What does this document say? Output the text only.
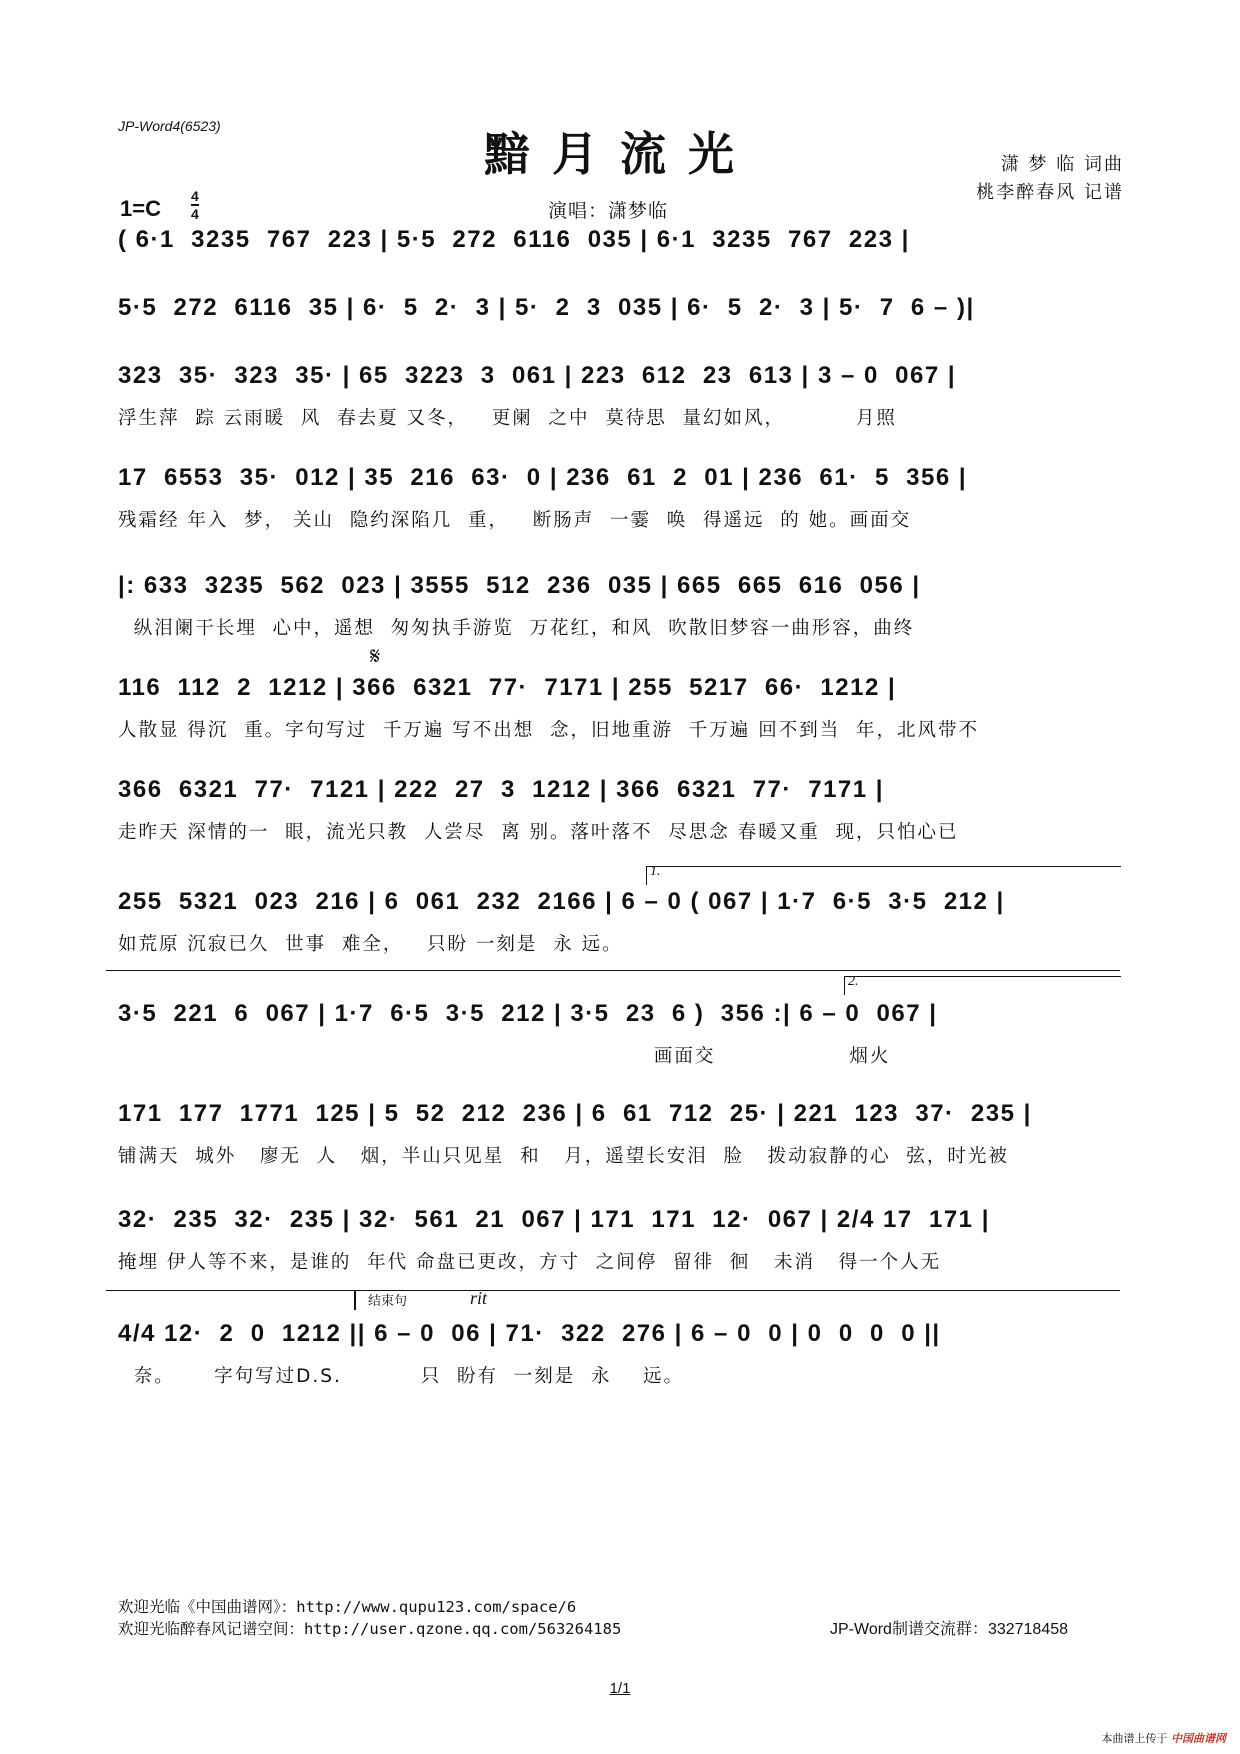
JP-Word4(6523)
黯月流光	潇 梦 临 词曲
桃李醉春风 记谱
演唱：潇梦临
1=C 4
4
( 6·1  3235  767  223 | 5·5  272  6116  035 | 6·1  3235  767  223 |
5·5  272  6116  35 | 6·  5  2·  3 | 5·  2  3  035 | 6·  5  2·  3 | 5·  7  6 – )|
323  35·  323  35· | 65  3223  3  061 | 223  612  23  613 | 3 – 0  067 |
浮生萍  踪 云雨暖  风  春去夏 又冬，   更阑  之中  莫待思  量幻如风，         月照
17  6553  35·  012 | 35  216  63·  0 | 236  61  2  01 | 236  61·  5  356 |
残霜经 年入  梦， 关山  隐约深陷几  重，   断肠声  一霎  唤  得遥远  的 她。画面交
|: 633  3235  562  023 | 3555  512  236  035 | 665  665  616  056 |
纵泪阑干长埋  心中，遥想  匆匆执手游览  万花红，和风  吹散旧梦容一曲形容，曲终
𝄋
116  112  2  1212 | 366  6321  77·  7171 | 255  5217  66·  1212 |
人散显 得沉  重。字句写过  千万遍 写不出想  念，旧地重游  千万遍 回不到当  年，北风带不
366  6321  77·  7121 | 222  27  3  1212 | 366  6321  77·  7171 |
走昨天 深情的一  眼，流光只教  人尝尽  离 别。落叶落不  尽思念 春暖又重  现，只怕心已
1.
255  5321  023  216 | 6  061  232  2166 | 6 – 0 ( 067 | 1·7  6·5  3·5  212 |
如荒原 沉寂已久  世事  难全，   只盼 一刻是  永 远。
2.
3·5  221  6  067 | 1·7  6·5  3·5  212 | 3·5  23  6 )  356 :| 6 – 0  067 |
画面交                 烟火
171  177  1771  125 | 5  52  212  236 | 6  61  712  25· | 221  123  37·  235 |
铺满天  城外   廖无  人   烟，半山只见星  和   月，遥望长安泪  脸   拨动寂静的心  弦，时光被
32·  235  32·  235 | 32·  561  21  067 | 171  171  12·  067 | 2/4 17  171 |
掩埋 伊人等不来，是谁的  年代 命盘已更改，方寸  之间停  留徘  徊   未消   得一个人无
结束句	rit
4/4 12·  2  0  1212 || 6 – 0  06 | 71·  322  276 | 6 – 0  0 | 0  0  0  0 ||
奈。     字句写过D.S.          只  盼有  一刻是  永    远。
欢迎光临《中国曲谱网》：http://www.qupu123.com/space/6
欢迎光临醉春风记谱空间：http://user.qzone.qq.com/563264185	JP-Word制谱交流群：332718458
1/1
本曲谱上传于 中国曲谱网
